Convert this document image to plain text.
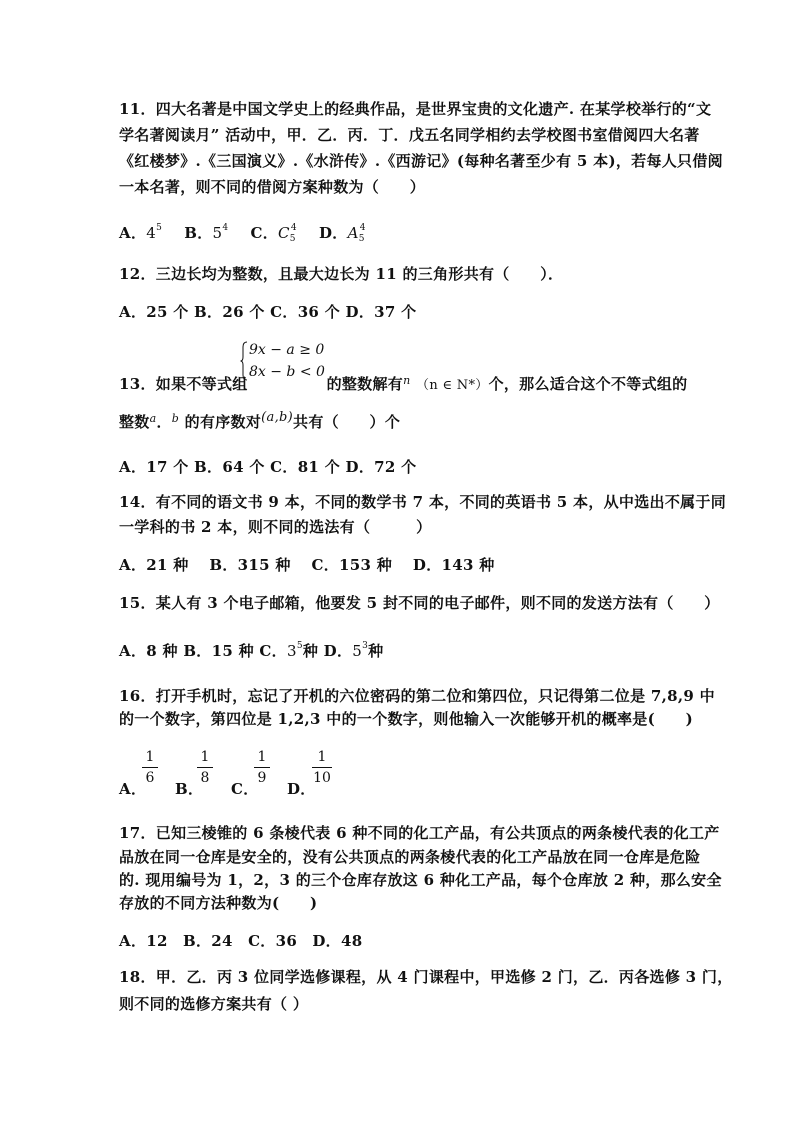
11．四大名著是中国文学史上的经典作品，是世界宝贵的文化遗产. 在某学校举行的“文
学名著阅读月” 活动中，甲．乙．丙．丁．戊五名同学相约去学校图书室借阅四大名著
《红楼梦》.《三国演义》.《水浒传》.《西游记》(每种名著至少有 5 本)，若每人只借阅
一本名著，则不同的借阅方案种数为（　　）
A．$4^5$ B．$5^4$ C．$C_5^4$ D．$A_5^4$
12．三边长均为整数，且最大边长为 11 的三角形共有（　　）．
A．25 个 B．26 个 C．36 个 D．37 个
9x − a ≥ 0
8x − b < 0
13．如果不等式组	的整数解有$^n$ （n ∈ N*）个，那么适合这个不等式组的
整数$^a$．$^b$ 的有序数对(a,b)共有（　　）个
A．17 个 B．64 个 C．81 个 D．72 个
14．有不同的语文书 9 本，不同的数学书 7 本，不同的英语书 5 本，从中选出不属于同
一学科的书 2 本，则不同的选法有（　　　）
A．21 种　 B．315 种　 C．153 种　 D．143 种
15．某人有 3 个电子邮箱，他要发 5 封不同的电子邮件，则不同的发送方法有（　　）
A．8 种 B．15 种 C．$3^5$种 D．$5^3$种
16．打开手机时，忘记了开机的六位密码的第二位和第四位，只记得第二位是 7,8,9 中
的一个数字，第四位是 1,2,3 中的一个数字，则他输入一次能够开机的概率是(　　)
A．
1
6
B．
1
8
C．
1
9
D．
1
10
17．已知三棱锥的 6 条棱代表 6 种不同的化工产品，有公共顶点的两条棱代表的化工产
品放在同一仓库是安全的，没有公共顶点的两条棱代表的化工产品放在同一仓库是危险
的. 现用编号为 1，2，3 的三个仓库存放这 6 种化工产品，每个仓库放 2 种，那么安全
存放的不同方法种数为(　　)
A．12　B．24　C．36　D．48
18．甲．乙．丙 3 位同学选修课程，从 4 门课程中，甲选修 2 门，乙．丙各选修 3 门，
则不同的选修方案共有（ ）
